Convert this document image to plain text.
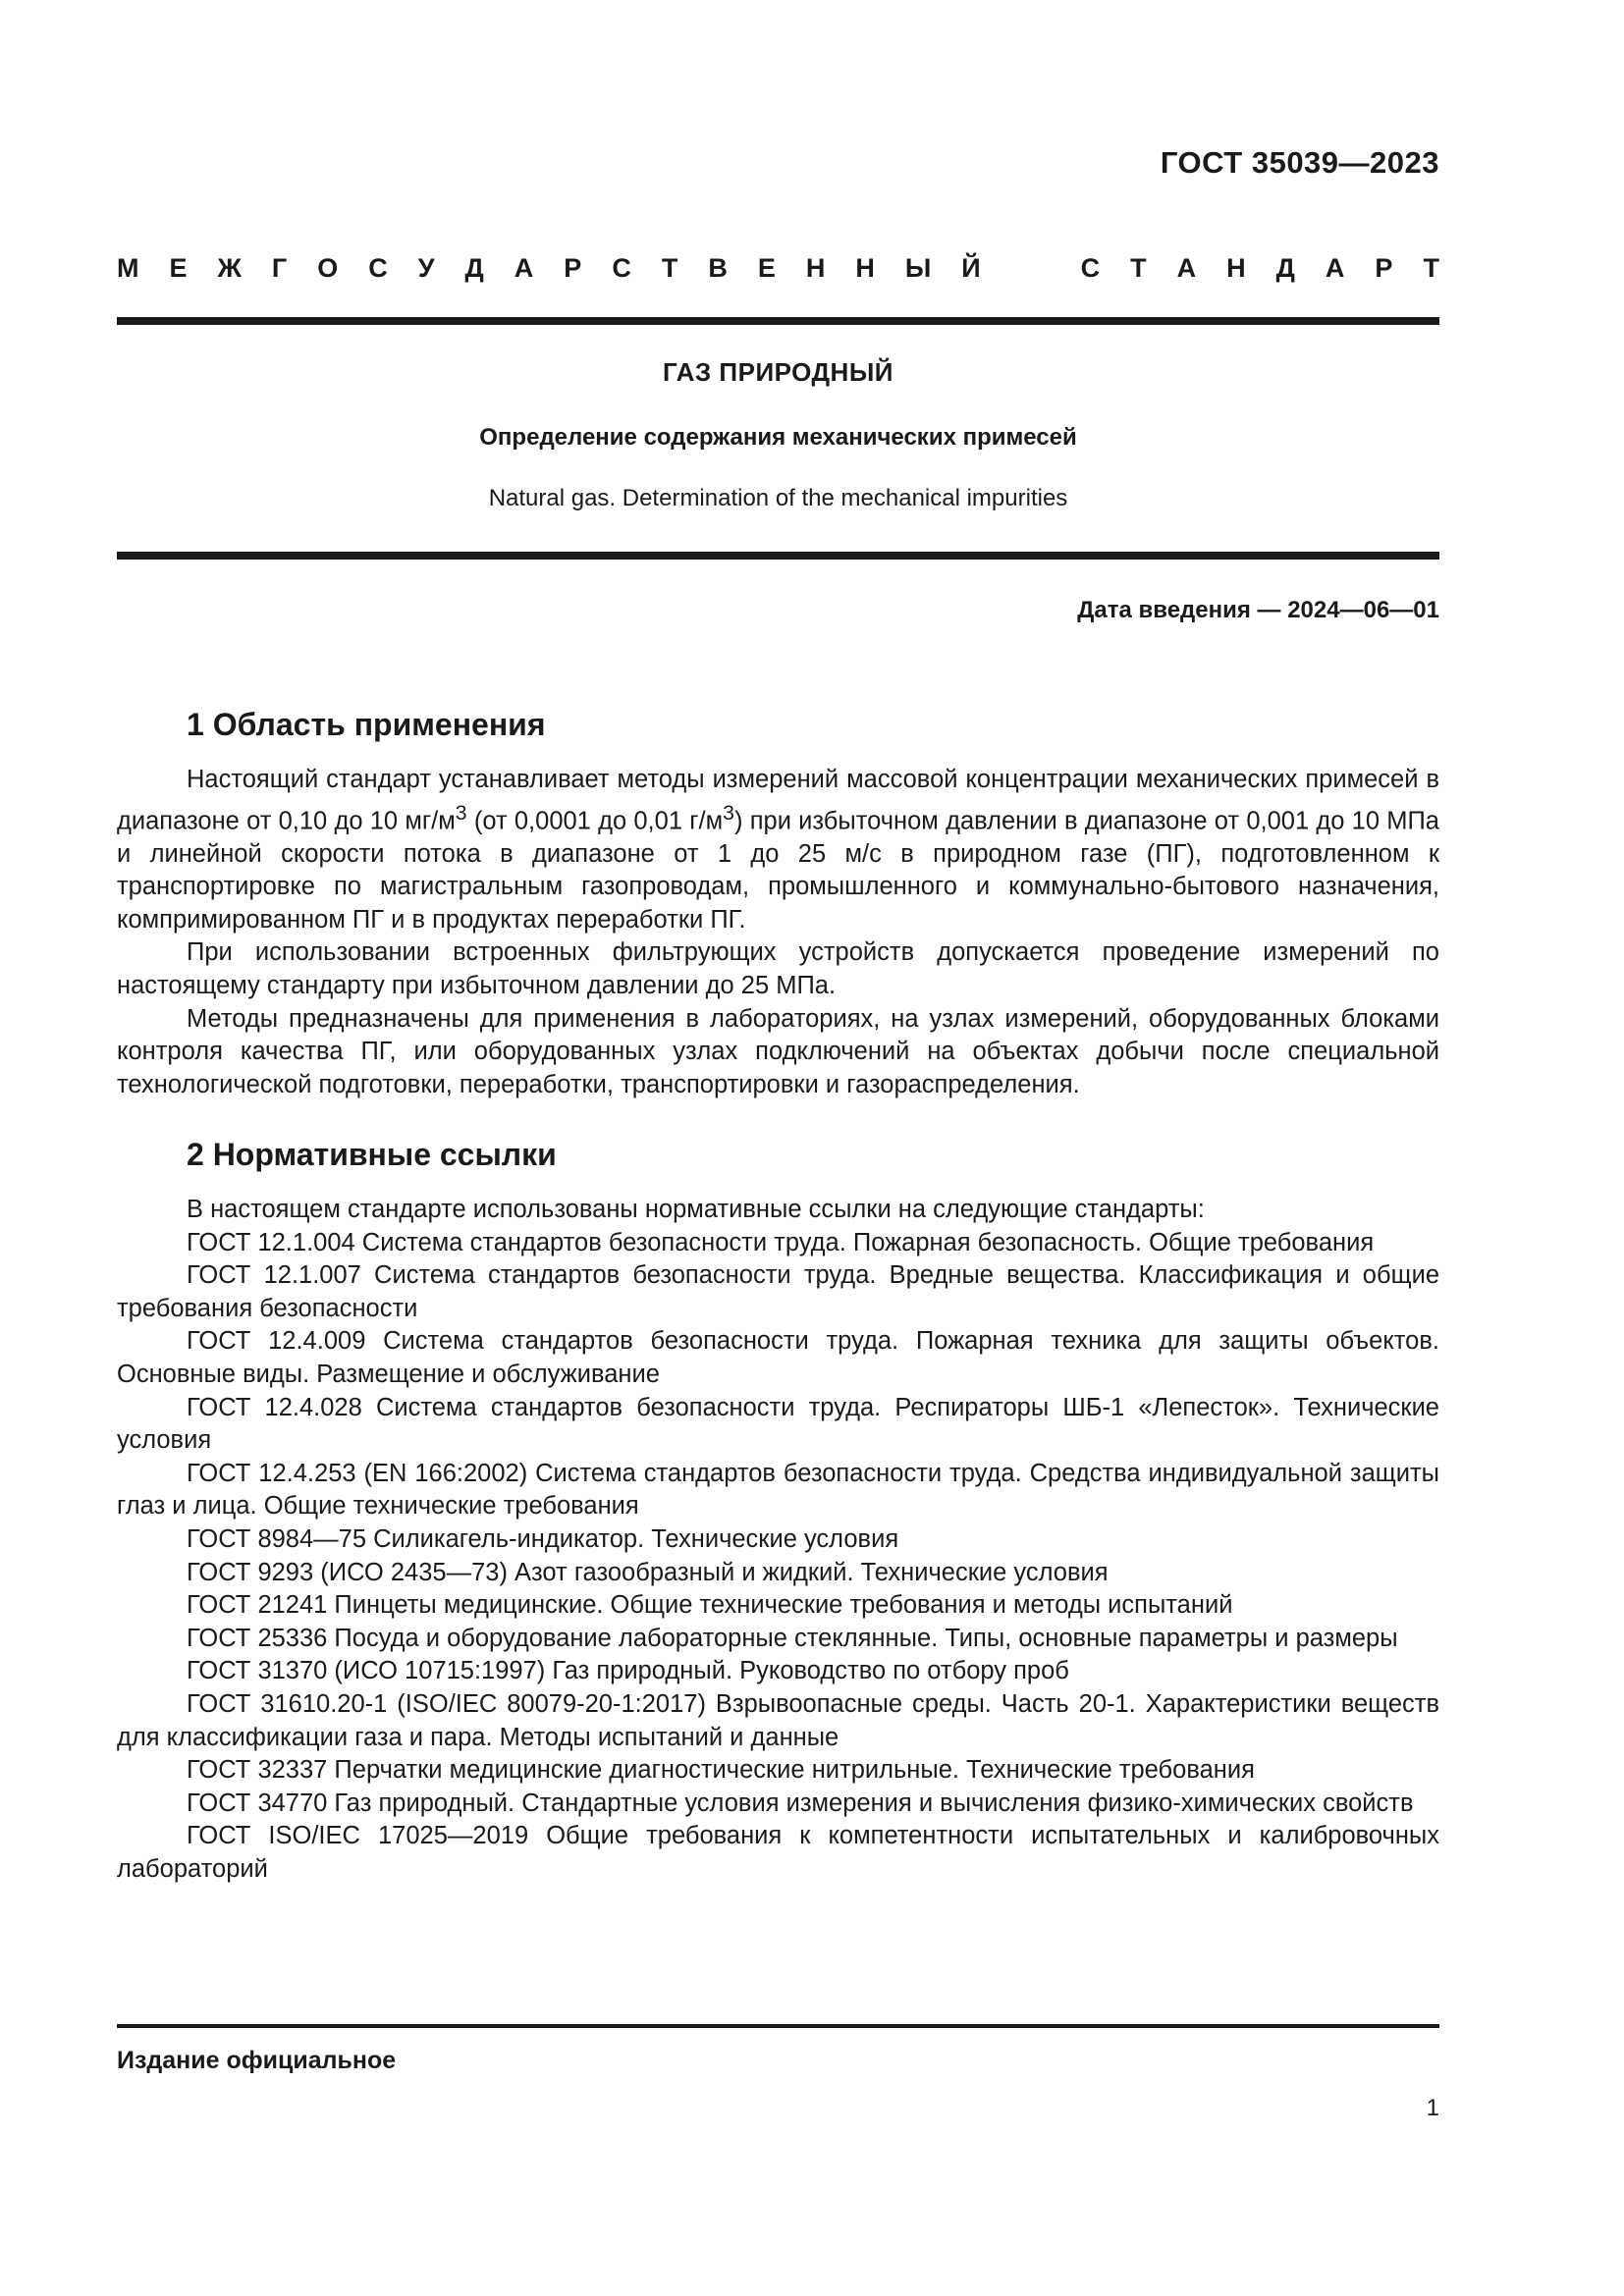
ГОСТ 35039—2023
М Е Ж Г О С У Д А Р С Т В Е Н Н Ы Й	С Т А Н Д А Р Т
ГАЗ ПРИРОДНЫЙ
Определение содержания механических примесей
Natural gas. Determination of the mechanical impurities
Дата введения — 2024—06—01
1 Область применения

Настоящий стандарт устанавливает методы измерений массовой концентрации механических примесей в диапазоне от 0,10 до 10 $мг/м^3$ (от 0,0001 до 0,01 $г/м^3$) при избыточном давлении в диапазоне от 0,001 до 10 МПа и линейной скорости потока в диапазоне от 1 до 25 м/с в природном газе (ПГ), подготовленном к транспортировке по магистральным газопроводам, промышленного и коммунально-бытового назначения, компримированном ПГ и в продуктах переработки ПГ.

При использовании встроенных фильтрующих устройств допускается проведение измерений по настоящему стандарту при избыточном давлении до 25 МПа.

Методы предназначены для применения в лабораториях, на узлах измерений, оборудованных блоками контроля качества ПГ, или оборудованных узлах подключений на объектах добычи после специальной технологической подготовки, переработки, транспортировки и газораспределения.

2 Нормативные ссылки

В настоящем стандарте использованы нормативные ссылки на следующие стандарты:

ГОСТ 12.1.004 Система стандартов безопасности труда. Пожарная безопасность. Общие требования

ГОСТ 12.1.007 Система стандартов безопасности труда. Вредные вещества. Классификация и общие требования безопасности

ГОСТ 12.4.009 Система стандартов безопасности труда. Пожарная техника для защиты объектов. Основные виды. Размещение и обслуживание

ГОСТ 12.4.028 Система стандартов безопасности труда. Респираторы ШБ-1 «Лепесток». Технические условия

ГОСТ 12.4.253 (EN 166:2002) Система стандартов безопасности труда. Средства индивидуальной защиты глаз и лица. Общие технические требования

ГОСТ 8984—75 Силикагель-индикатор. Технические условия

ГОСТ 9293 (ИСО 2435—73) Азот газообразный и жидкий. Технические условия

ГОСТ 21241 Пинцеты медицинские. Общие технические требования и методы испытаний

ГОСТ 25336 Посуда и оборудование лабораторные стеклянные. Типы, основные параметры и размеры

ГОСТ 31370 (ИСО 10715:1997) Газ природный. Руководство по отбору проб

ГОСТ 31610.20-1 (ISO/IEC 80079-20-1:2017) Взрывоопасные среды. Часть 20-1. Характеристики веществ для классификации газа и пара. Методы испытаний и данные

ГОСТ 32337 Перчатки медицинские диагностические нитрильные. Технические требования

ГОСТ 34770 Газ природный. Стандартные условия измерения и вычисления физико-химических свойств

ГОСТ ISO/IEC 17025—2019 Общие требования к компетентности испытательных и калибровочных лабораторий

Издание официальное
1
